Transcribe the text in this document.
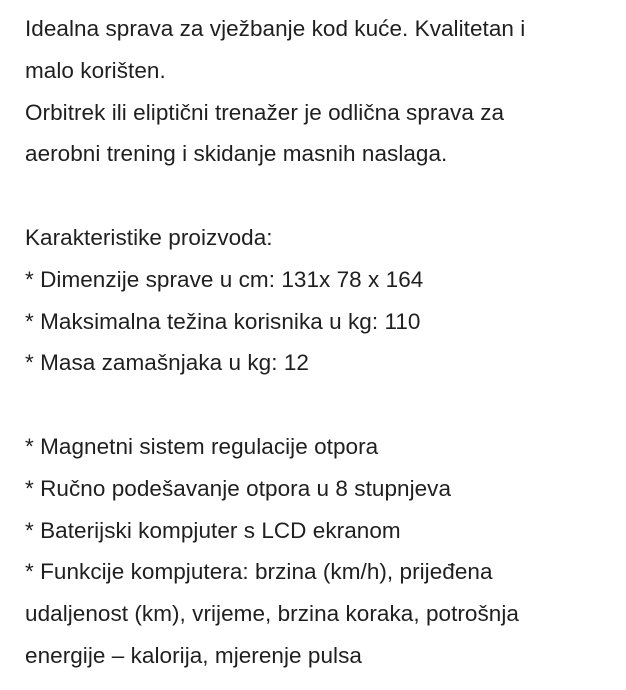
Idealna sprava za vježbanje kod kuće. Kvalitetan i
malo korišten.
Orbitrek ili eliptični trenažer je odlična sprava za
aerobni trening i skidanje masnih naslaga.
Karakteristike proizvoda:
* Dimenzije sprave u cm: 131x 78 x 164
* Maksimalna težina korisnika u kg: 110
* Masa zamašnjaka u kg: 12
* Magnetni sistem regulacije otpora
* Ručno podešavanje otpora u 8 stupnjeva
* Baterijski kompjuter s LCD ekranom
* Funkcije kompjutera: brzina (km/h), prijeđena
udaljenost (km), vrijeme, brzina koraka, potrošnja
energije – kalorija, mjerenje pulsa
